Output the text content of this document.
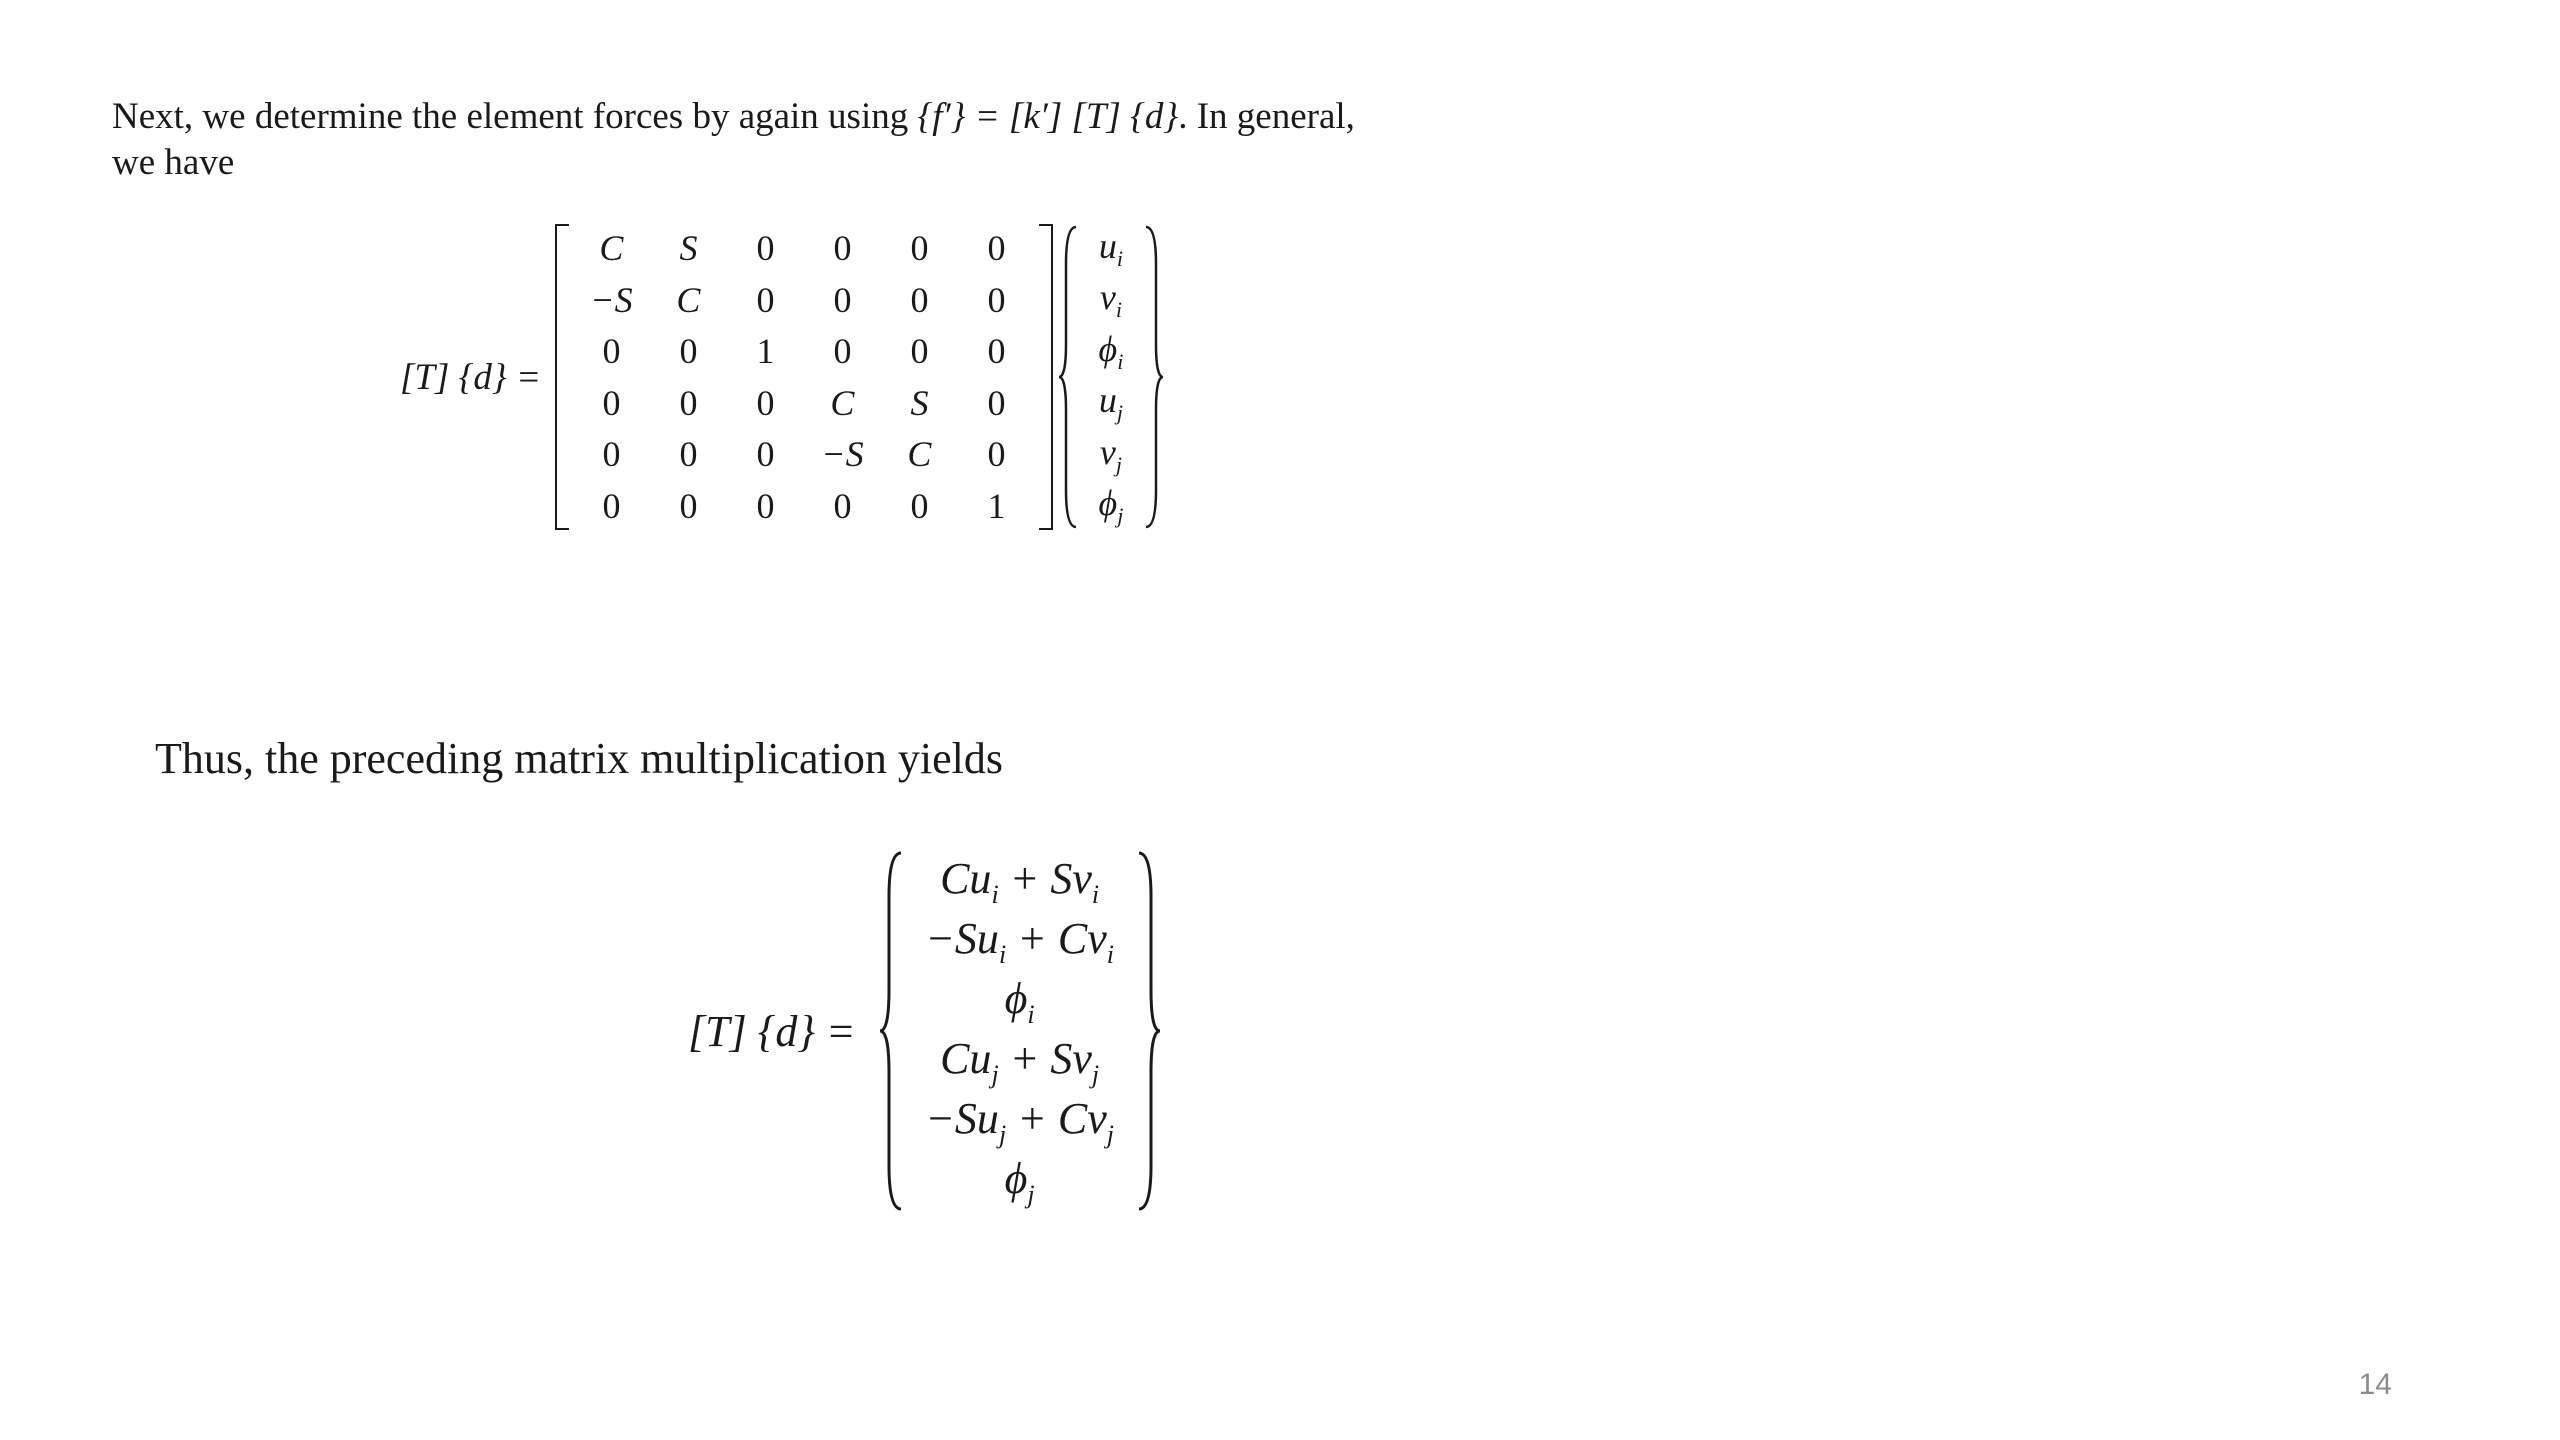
Next, we determine the element forces by again using {f′} = [k′] [T] {d}. In general,
we have
[T] {d} =
C S 0 0 0 0
−S C 0 0 0 0
0 0 1 0 0 0
0 0 0 C S 0
0 0 0 −S C 0
0 0 0 0 0 1
$u_i$
$v_i$
$\phi_i$
$u_j$
$v_j$
$\phi_j$
Thus, the preceding matrix multiplication yields
[T] {d} =
$Cu_i + Sv_i$
$-Su_i + Cv_i$
$\phi_i$
$Cu_j + Sv_j$
$-Su_j + Cv_j$
$\phi_j$
14
